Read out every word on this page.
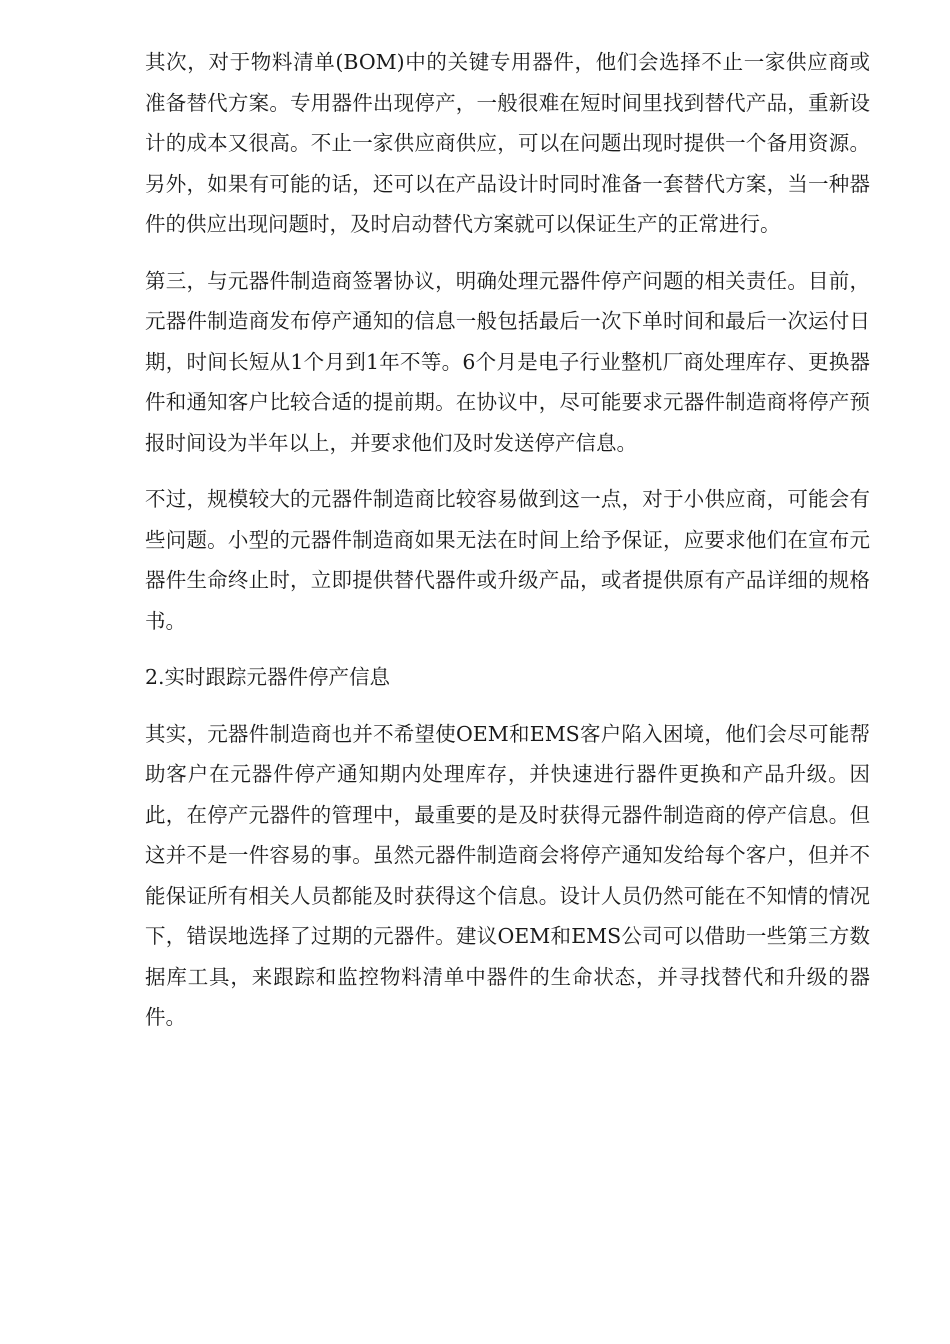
其次，对于物料清单(BOM)中的关键专用器件，他们会选择不止一家供应商或准备替代方案。专用器件出现停产，一般很难在短时间里找到替代产品，重新设计的成本又很高。不止一家供应商供应，可以在问题出现时提供一个备用资源。另外，如果有可能的话，还可以在产品设计时同时准备一套替代方案，当一种器件的供应出现问题时，及时启动替代方案就可以保证生产的正常进行。

第三，与元器件制造商签署协议，明确处理元器件停产问题的相关责任。目前，元器件制造商发布停产通知的信息一般包括最后一次下单时间和最后一次运付日期，时间长短从1个月到1年不等。6个月是电子行业整机厂商处理库存、更换器件和通知客户比较合适的提前期。在协议中，尽可能要求元器件制造商将停产预报时间设为半年以上，并要求他们及时发送停产信息。

不过，规模较大的元器件制造商比较容易做到这一点，对于小供应商，可能会有些问题。小型的元器件制造商如果无法在时间上给予保证，应要求他们在宣布元器件生命终止时，立即提供替代器件或升级产品，或者提供原有产品详细的规格书。

2.实时跟踪元器件停产信息

其实，元器件制造商也并不希望使OEM和EMS客户陷入困境，他们会尽可能帮助客户在元器件停产通知期内处理库存，并快速进行器件更换和产品升级。因此，在停产元器件的管理中，最重要的是及时获得元器件制造商的停产信息。但这并不是一件容易的事。虽然元器件制造商会将停产通知发给每个客户，但并不能保证所有相关人员都能及时获得这个信息。设计人员仍然可能在不知情的情况下，错误地选择了过期的元器件。建议OEM和EMS公司可以借助一些第三方数据库工具，来跟踪和监控物料清单中器件的生命状态，并寻找替代和升级的器件。
